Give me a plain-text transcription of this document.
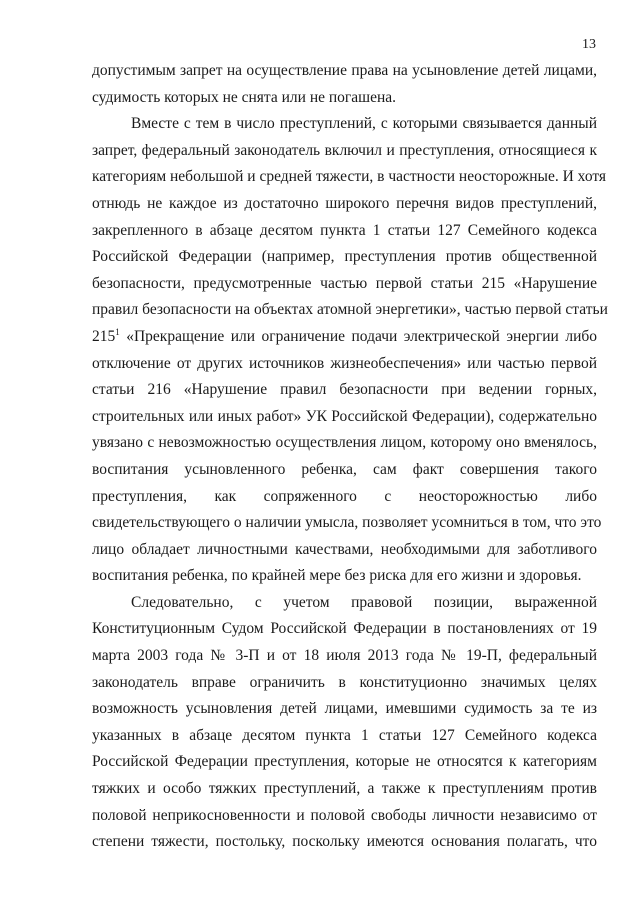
13
допустимым запрет на осуществление права на усыновление детей лицами,
судимость которых не снята или не погашена.
Вместе с тем в число преступлений, с которыми связывается данный
запрет, федеральный законодатель включил и преступления, относящиеся к
категориям небольшой и средней тяжести, в частности неосторожные. И хотя
отнюдь не каждое из достаточно широкого перечня видов преступлений,
закрепленного в абзаце десятом пункта 1 статьи 127 Семейного кодекса
Российской Федерации (например, преступления против общественной
безопасности, предусмотренные частью первой статьи 215 «Нарушение
правил безопасности на объектах атомной энергетики», частью первой статьи
$215^1$ «Прекращение или ограничение подачи электрической энергии либо
отключение от других источников жизнеобеспечения» или частью первой
статьи 216 «Нарушение правил безопасности при ведении горных,
строительных или иных работ» УК Российской Федерации), содержательно
увязано с невозможностью осуществления лицом, которому оно вменялось,
воспитания усыновленного ребенка, сам факт совершения такого
преступления, как сопряженного с неосторожностью либо
свидетельствующего о наличии умысла, позволяет усомниться в том, что это
лицо обладает личностными качествами, необходимыми для заботливого
воспитания ребенка, по крайней мере без риска для его жизни и здоровья.
Следовательно, с учетом правовой позиции, выраженной
Конституционным Судом Российской Федерации в постановлениях от 19
марта 2003 года № 3-П и от 18 июля 2013 года № 19-П, федеральный
законодатель вправе ограничить в конституционно значимых целях
возможность усыновления детей лицами, имевшими судимость за те из
указанных в абзаце десятом пункта 1 статьи 127 Семейного кодекса
Российской Федерации преступления, которые не относятся к категориям
тяжких и особо тяжких преступлений, а также к преступлениям против
половой неприкосновенности и половой свободы личности независимо от
степени тяжести, постольку, поскольку имеются основания полагать, что
